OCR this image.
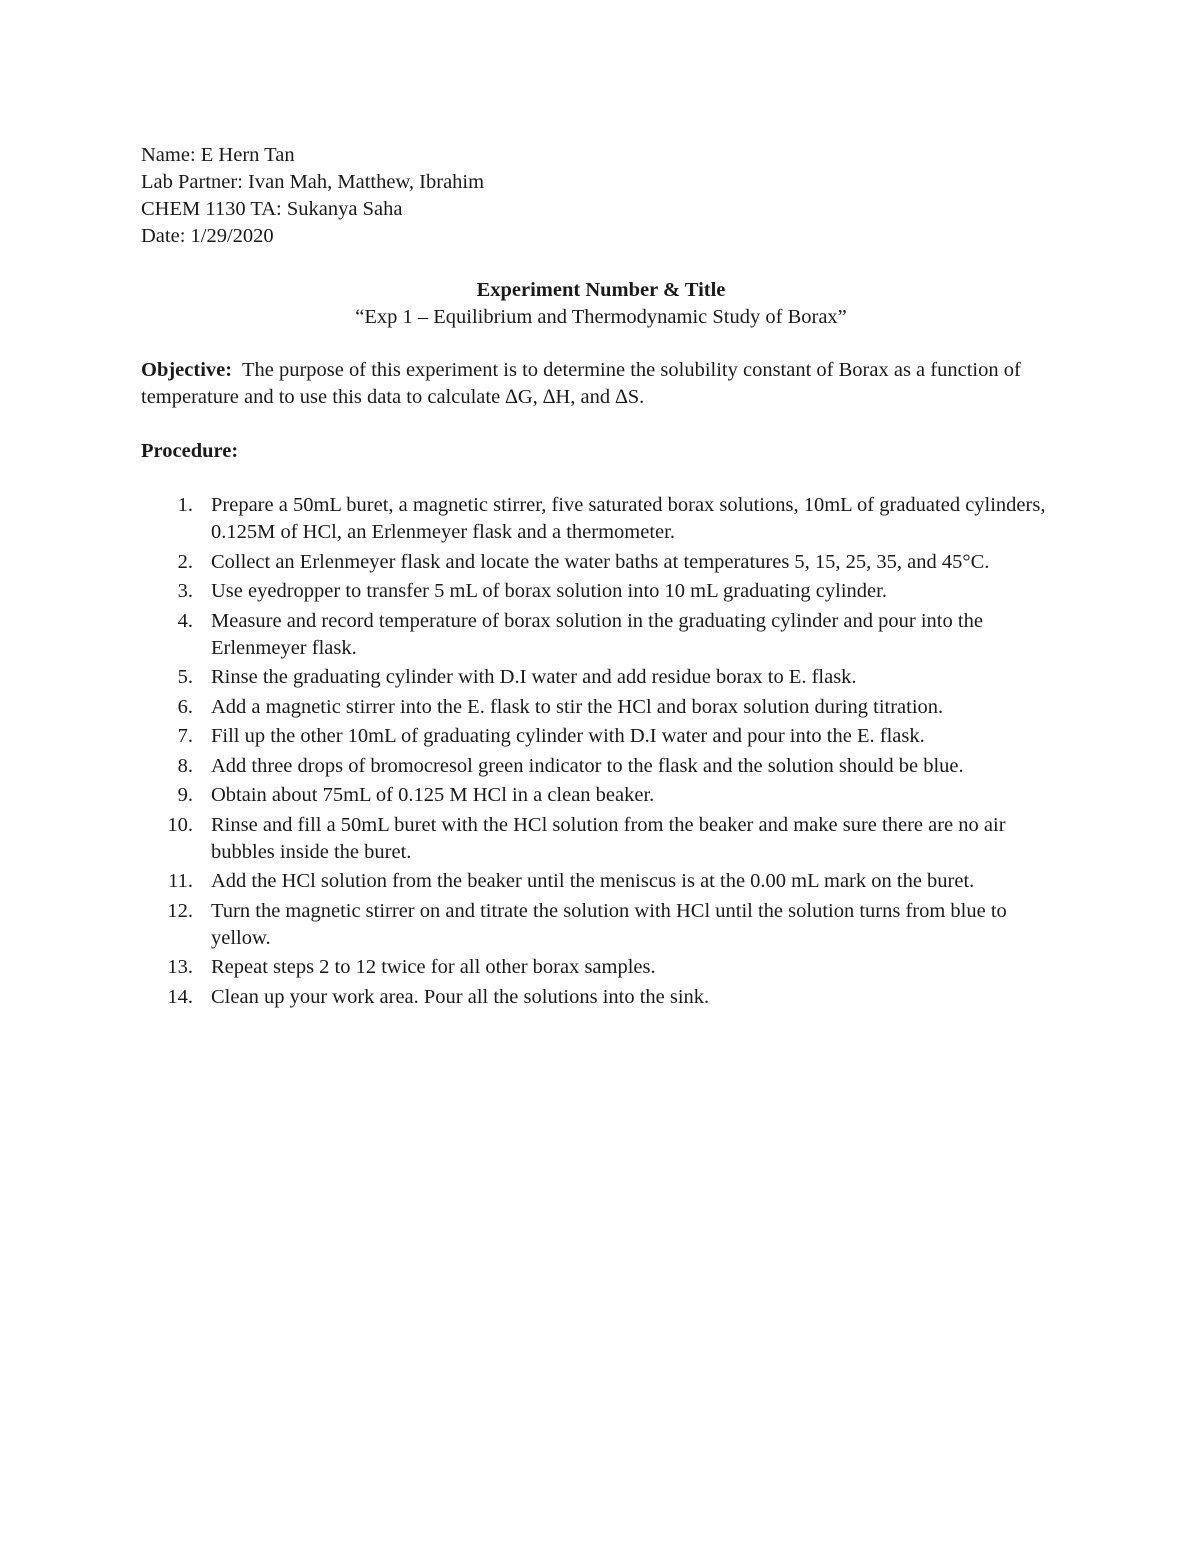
Name: E Hern Tan
Lab Partner: Ivan Mah, Matthew, Ibrahim
CHEM 1130 TA: Sukanya Saha
Date: 1/29/2020
Experiment Number & Title
“Exp 1 – Equilibrium and Thermodynamic Study of Borax”
Objective: The purpose of this experiment is to determine the solubility constant of Borax as a function of temperature and to use this data to calculate ∆G, ∆H, and ∆S.
Procedure:
1. Prepare a 50mL buret, a magnetic stirrer, five saturated borax solutions, 10mL of graduated cylinders, 0.125M of HCl, an Erlenmeyer flask and a thermometer.
2. Collect an Erlenmeyer flask and locate the water baths at temperatures 5, 15, 25, 35, and 45°C.
3. Use eyedropper to transfer 5 mL of borax solution into 10 mL graduating cylinder.
4. Measure and record temperature of borax solution in the graduating cylinder and pour into the Erlenmeyer flask.
5. Rinse the graduating cylinder with D.I water and add residue borax to E. flask.
6. Add a magnetic stirrer into the E. flask to stir the HCl and borax solution during titration.
7. Fill up the other 10mL of graduating cylinder with D.I water and pour into the E. flask.
8. Add three drops of bromocresol green indicator to the flask and the solution should be blue.
9. Obtain about 75mL of 0.125 M HCl in a clean beaker.
10. Rinse and fill a 50mL buret with the HCl solution from the beaker and make sure there are no air bubbles inside the buret.
11. Add the HCl solution from the beaker until the meniscus is at the 0.00 mL mark on the buret.
12. Turn the magnetic stirrer on and titrate the solution with HCl until the solution turns from blue to yellow.
13. Repeat steps 2 to 12 twice for all other borax samples.
14. Clean up your work area. Pour all the solutions into the sink.
